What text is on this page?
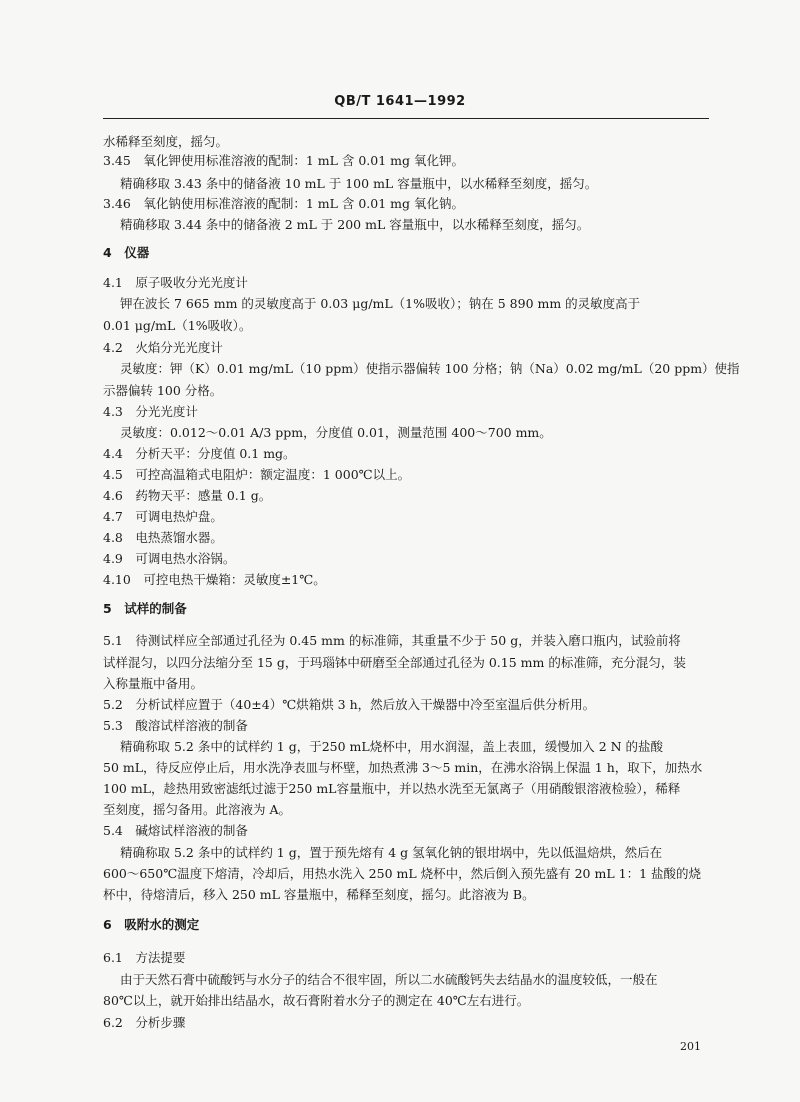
QB/T 1641—1992
水稀释至刻度，摇匀。
3.45　氧化钾使用标准溶液的配制：1 mL 含 0.01 mg 氧化钾。
精确移取 3.43 条中的储备液 10 mL 于 100 mL 容量瓶中，以水稀释至刻度，摇匀。
3.46　氧化钠使用标准溶液的配制：1 mL 含 0.01 mg 氧化钠。
精确移取 3.44 条中的储备液 2 mL 于 200 mL 容量瓶中，以水稀释至刻度，摇匀。
4　仪器
4.1　原子吸收分光光度计
钾在波长 7 665 mm 的灵敏度高于 0.03 μg/mL（1%吸收）；钠在 5 890 mm 的灵敏度高于
0.01 μg/mL（1%吸收）。
4.2　火焰分光光度计
灵敏度：钾（K）0.01 mg/mL（10 ppm）使指示器偏转 100 分格；钠（Na）0.02 mg/mL（20 ppm）使指
示器偏转 100 分格。
4.3　分光光度计
灵敏度：0.012～0.01 A/3 ppm，分度值 0.01，测量范围 400～700 mm。
4.4　分析天平：分度值 0.1 mg。
4.5　可控高温箱式电阻炉：额定温度：1 000℃以上。
4.6　药物天平：感量 0.1 g。
4.7　可调电热炉盘。
4.8　电热蒸馏水器。
4.9　可调电热水浴锅。
4.10　可控电热干燥箱：灵敏度±1℃。
5　试样的制备
5.1　待测试样应全部通过孔径为 0.45 mm 的标准筛，其重量不少于 50 g，并装入磨口瓶内，试验前将
试样混匀，以四分法缩分至 15 g，于玛瑙钵中研磨至全部通过孔径为 0.15 mm 的标准筛，充分混匀，装
入称量瓶中备用。
5.2　分析试样应置于（40±4）℃烘箱烘 3 h，然后放入干燥器中冷至室温后供分析用。
5.3　酸溶试样溶液的制备
精确称取 5.2 条中的试样约 1 g，于250 mL烧杯中，用水润湿，盖上表皿，缓慢加入 2 N 的盐酸
50 mL，待反应停止后，用水洗净表皿与杯壁，加热煮沸 3～5 min，在沸水浴锅上保温 1 h，取下，加热水
100 mL，趁热用致密滤纸过滤于250 mL容量瓶中，并以热水洗至无氯离子（用硝酸银溶液检验），稀释
至刻度，摇匀备用。此溶液为 A。
5.4　碱熔试样溶液的制备
精确称取 5.2 条中的试样约 1 g，置于预先熔有 4 g 氢氧化钠的银坩埚中，先以低温焙烘，然后在
600～650℃温度下熔清，冷却后，用热水洗入 250 mL 烧杯中，然后倒入预先盛有 20 mL 1：1 盐酸的烧
杯中，待熔清后，移入 250 mL 容量瓶中，稀释至刻度，摇匀。此溶液为 B。
6　吸附水的测定
6.1　方法提要
由于天然石膏中硫酸钙与水分子的结合不很牢固，所以二水硫酸钙失去结晶水的温度较低，一般在
80℃以上，就开始排出结晶水，故石膏附着水分子的测定在 40℃左右进行。
6.2　分析步骤
201
